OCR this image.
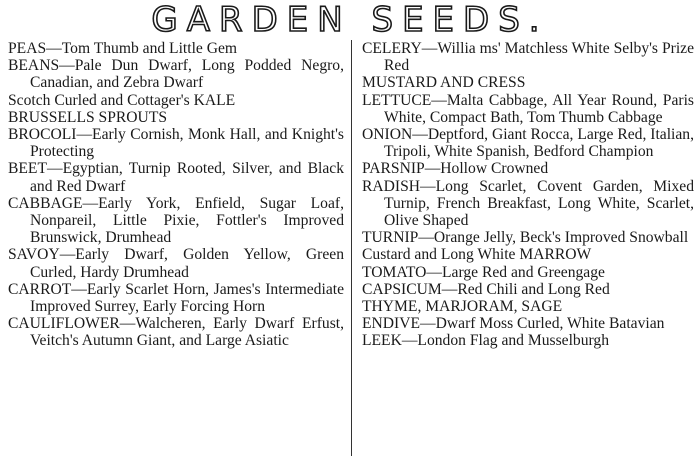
GARDEN SEEDS.

PEAS—Tom Thumb and Little Gem

BEANS—Pale Dun Dwarf, Long Podded Negro, Canadian, and Zebra Dwarf

Scotch Curled and Cottager's KALE

BRUSSELLS SPROUTS

BROCOLI—Early Cornish, Monk Hall, and Knight's Protecting

BEET—Egyptian, Turnip Rooted, Silver, and Black and Red Dwarf

CABBAGE—Early York, Enfield, Sugar Loaf, Nonpareil, Little Pixie, Fottler's Improved Brunswick, Drumhead

SAVOY—Early Dwarf, Golden Yellow, Green Curled, Hardy Drumhead

CARROT—Early Scarlet Horn, James's Intermediate Improved Surrey, Early Forcing Horn

CAULIFLOWER—Walcheren, Early Dwarf Erfust, Veitch's Autumn Giant, and Large Asiatic

CELERY—Willia ms' Matchless White Selby's Prize Red

MUSTARD AND CRESS

LETTUCE—Malta Cabbage, All Year Round, Paris White, Compact Bath, Tom Thumb Cabbage

ONION—Deptford, Giant Rocca, Large Red, Italian, Tripoli, White Spanish, Bedford Champion

PARSNIP—Hollow Crowned

RADISH—Long Scarlet, Covent Garden, Mixed Turnip, French Breakfast, Long White, Scarlet, Olive Shaped

TURNIP—Orange Jelly, Beck's Improved Snowball

Custard and Long White MARROW

TOMATO—Large Red and Greengage

CAPSICUM—Red Chili and Long Red

THYME, MARJORAM, SAGE

ENDIVE—Dwarf Moss Curled, White Batavian

LEEK—London Flag and Musselburgh
